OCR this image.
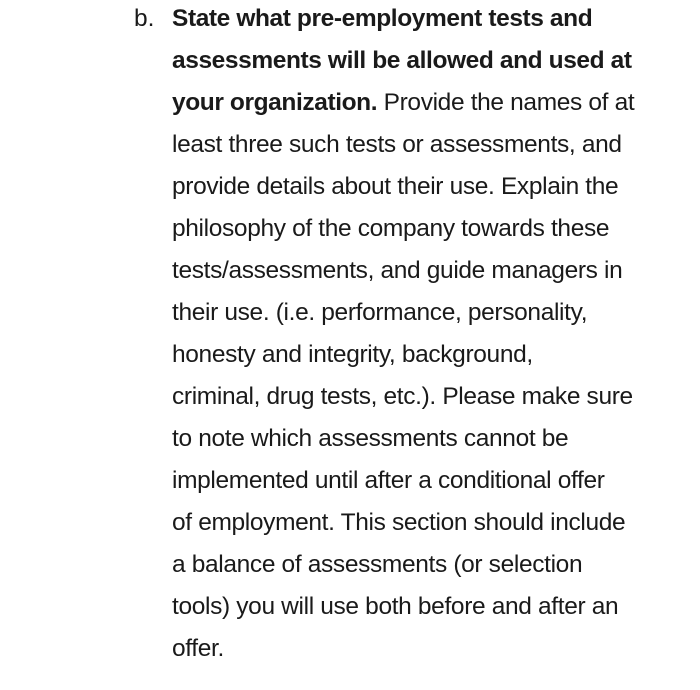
b. State what pre-employment tests and
assessments will be allowed and used at
your organization. Provide the names of at
least three such tests or assessments, and
provide details about their use. Explain the
philosophy of the company towards these
tests/assessments, and guide managers in
their use. (i.e. performance, personality,
honesty and integrity, background,
criminal, drug tests, etc.). Please make sure
to note which assessments cannot be
implemented until after a conditional offer
of employment. This section should include
a balance of assessments (or selection
tools) you will use both before and after an
offer.
